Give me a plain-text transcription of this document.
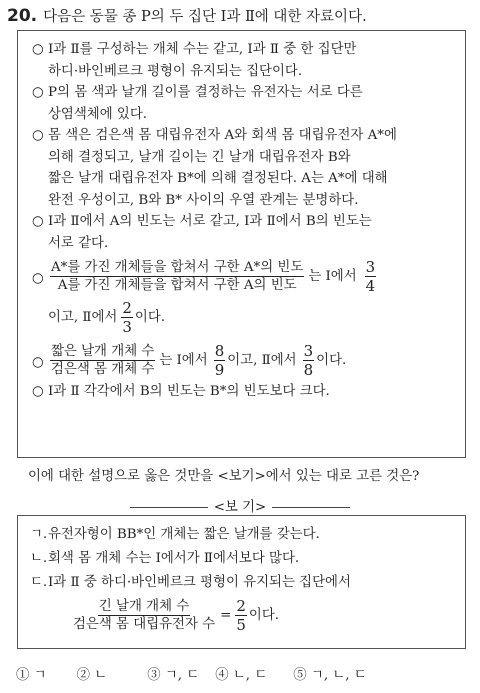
20. 다음은 동물 종 P의 두 집단 Ⅰ과 Ⅱ에 대한 자료이다.
○ Ⅰ과 Ⅱ를 구성하는 개체 수는 같고, Ⅰ과 Ⅱ 중 한 집단만
하디·바인베르크 평형이 유지되는 집단이다.
○ P의 몸 색과 날개 길이를 결정하는 유전자는 서로 다른
상염색체에 있다.
○ 몸 색은 검은색 몸 대립유전자 A와 회색 몸 대립유전자 A*에
의해 결정되고, 날개 길이는 긴 날개 대립유전자 B와
짧은 날개 대립유전자 B*에 의해 결정된다. A는 A*에 대해
완전 우성이고, B와 B* 사이의 우열 관계는 분명하다.
○ Ⅰ과 Ⅱ에서 A의 빈도는 서로 같고, Ⅰ과 Ⅱ에서 B의 빈도는
서로 같다.
○ $\frac{\text{A*를 가진 개체들을 합쳐서 구한 A*의 빈도}}{\text{A를 가진 개체들을 합쳐서 구한 A의 빈도}}$ 는 Ⅰ에서 $\frac{3}{4}$
이고, Ⅱ에서 $\frac{2}{3}$ 이다.
○ $\frac{\text{짧은 날개 개체 수}}{\text{검은색 몸 개체 수}}$ 는 Ⅰ에서 $\frac{8}{9}$ 이고, Ⅱ에서 $\frac{3}{8}$ 이다.
○ Ⅰ과 Ⅱ 각각에서 B의 빈도는 B*의 빈도보다 크다.
이에 대한 설명으로 옳은 것만을 <보기>에서 있는 대로 고른 것은?
<보 기>
ㄱ. 유전자형이 BB*인 개체는 짧은 날개를 갖는다.
ㄴ. 회색 몸 개체 수는 Ⅰ에서가 Ⅱ에서보다 많다.
ㄷ. Ⅰ과 Ⅱ 중 하디·바인베르크 평형이 유지되는 집단에서
$\frac{\text{긴 날개 개체 수}}{\text{검은색 몸 대립유전자 수}} = \frac{2}{5}$ 이다.
① ㄱ ② ㄴ	③ ㄱ, ㄷ ④ ㄴ, ㄷ ⑤ ㄱ, ㄴ, ㄷ
